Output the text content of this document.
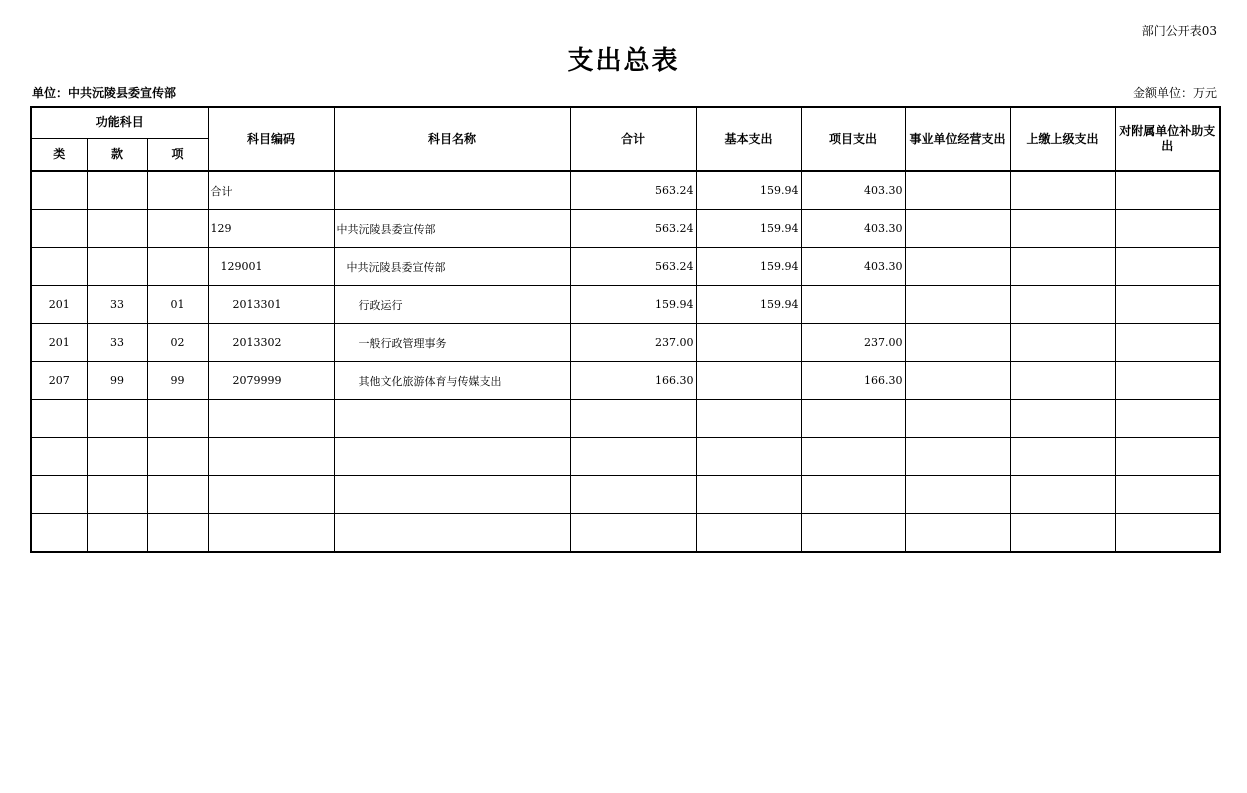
部门公开表03
支出总表
单位：中共沅陵县委宣传部	金额单位：万元
功能科目			科目编码	科目名称	合计	基本支出	项目支出	事业单位经营支出	上缴上级支出	对附属单位补助支出
类	款	项								
			合计		563.24	159.94	403.30			
			129	中共沅陵县委宣传部	563.24	159.94	403.30			
			129001	中共沅陵县委宣传部	563.24	159.94	403.30			
201	33	01	2013301	行政运行	159.94	159.94				
201	33	02	2013302	一般行政管理事务	237.00		237.00			
207	99	99	2079999	其他文化旅游体育与传媒支出	166.30		166.30			
